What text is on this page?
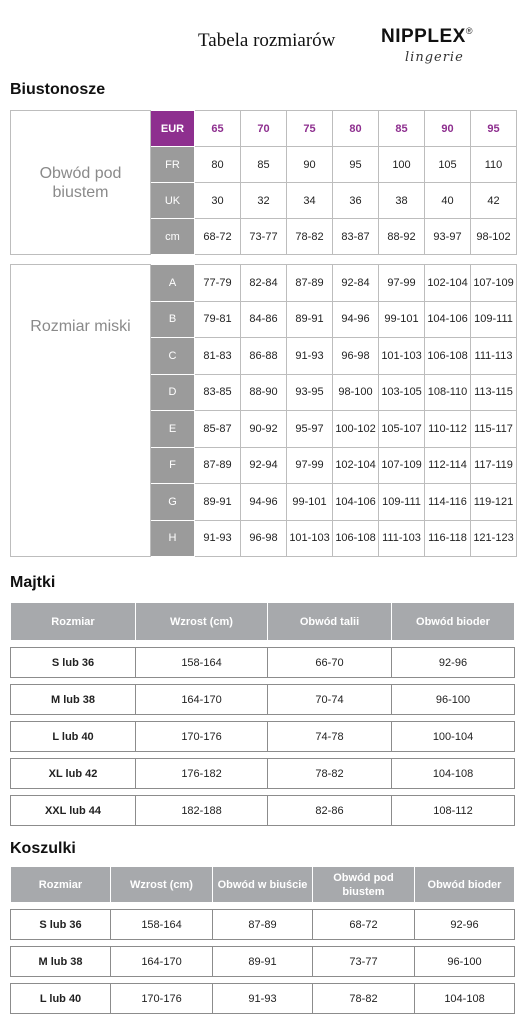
Tabela rozmiarów NIPPLEX®
lingerie
Biustonosze
Obwód pod biustem	EUR	65	70	75	80	85	90	95
	FR	80	85	90	95	100	105	110
	UK	30	32	34	36	38	40	42
	cm	68-72	73-77	78-82	83-87	88-92	93-97	98-102
Rozmiar miski	A	77-79	82-84	87-89	92-84	97-99	102-104	107-109
	B	79-81	84-86	89-91	94-96	99-101	104-106	109-111
	C	81-83	86-88	91-93	96-98	101-103	106-108	111-113
	D	83-85	88-90	93-95	98-100	103-105	108-110	113-115
	E	85-87	90-92	95-97	100-102	105-107	110-112	115-117
	F	87-89	92-94	97-99	102-104	107-109	112-114	117-119
	G	89-91	94-96	99-101	104-106	109-111	114-116	119-121
	H	91-93	96-98	101-103	106-108	111-103	116-118	121-123
Majtki
Rozmiar	Wzrost (cm)	Obwód talii	Obwód bioder

S lub 36	158-164	66-70	92-96

M lub 38	164-170	70-74	96-100

L lub 40	170-176	74-78	100-104

XL lub 42	176-182	78-82	104-108

XXL lub 44	182-188	82-86	108-112
Koszulki
Rozmiar	Wzrost (cm)	Obwód w biuście	Obwód pod biustem	Obwód bioder

S lub 36	158-164	87-89	68-72	92-96

M lub 38	164-170	89-91	73-77	96-100

L lub 40	170-176	91-93	78-82	104-108
